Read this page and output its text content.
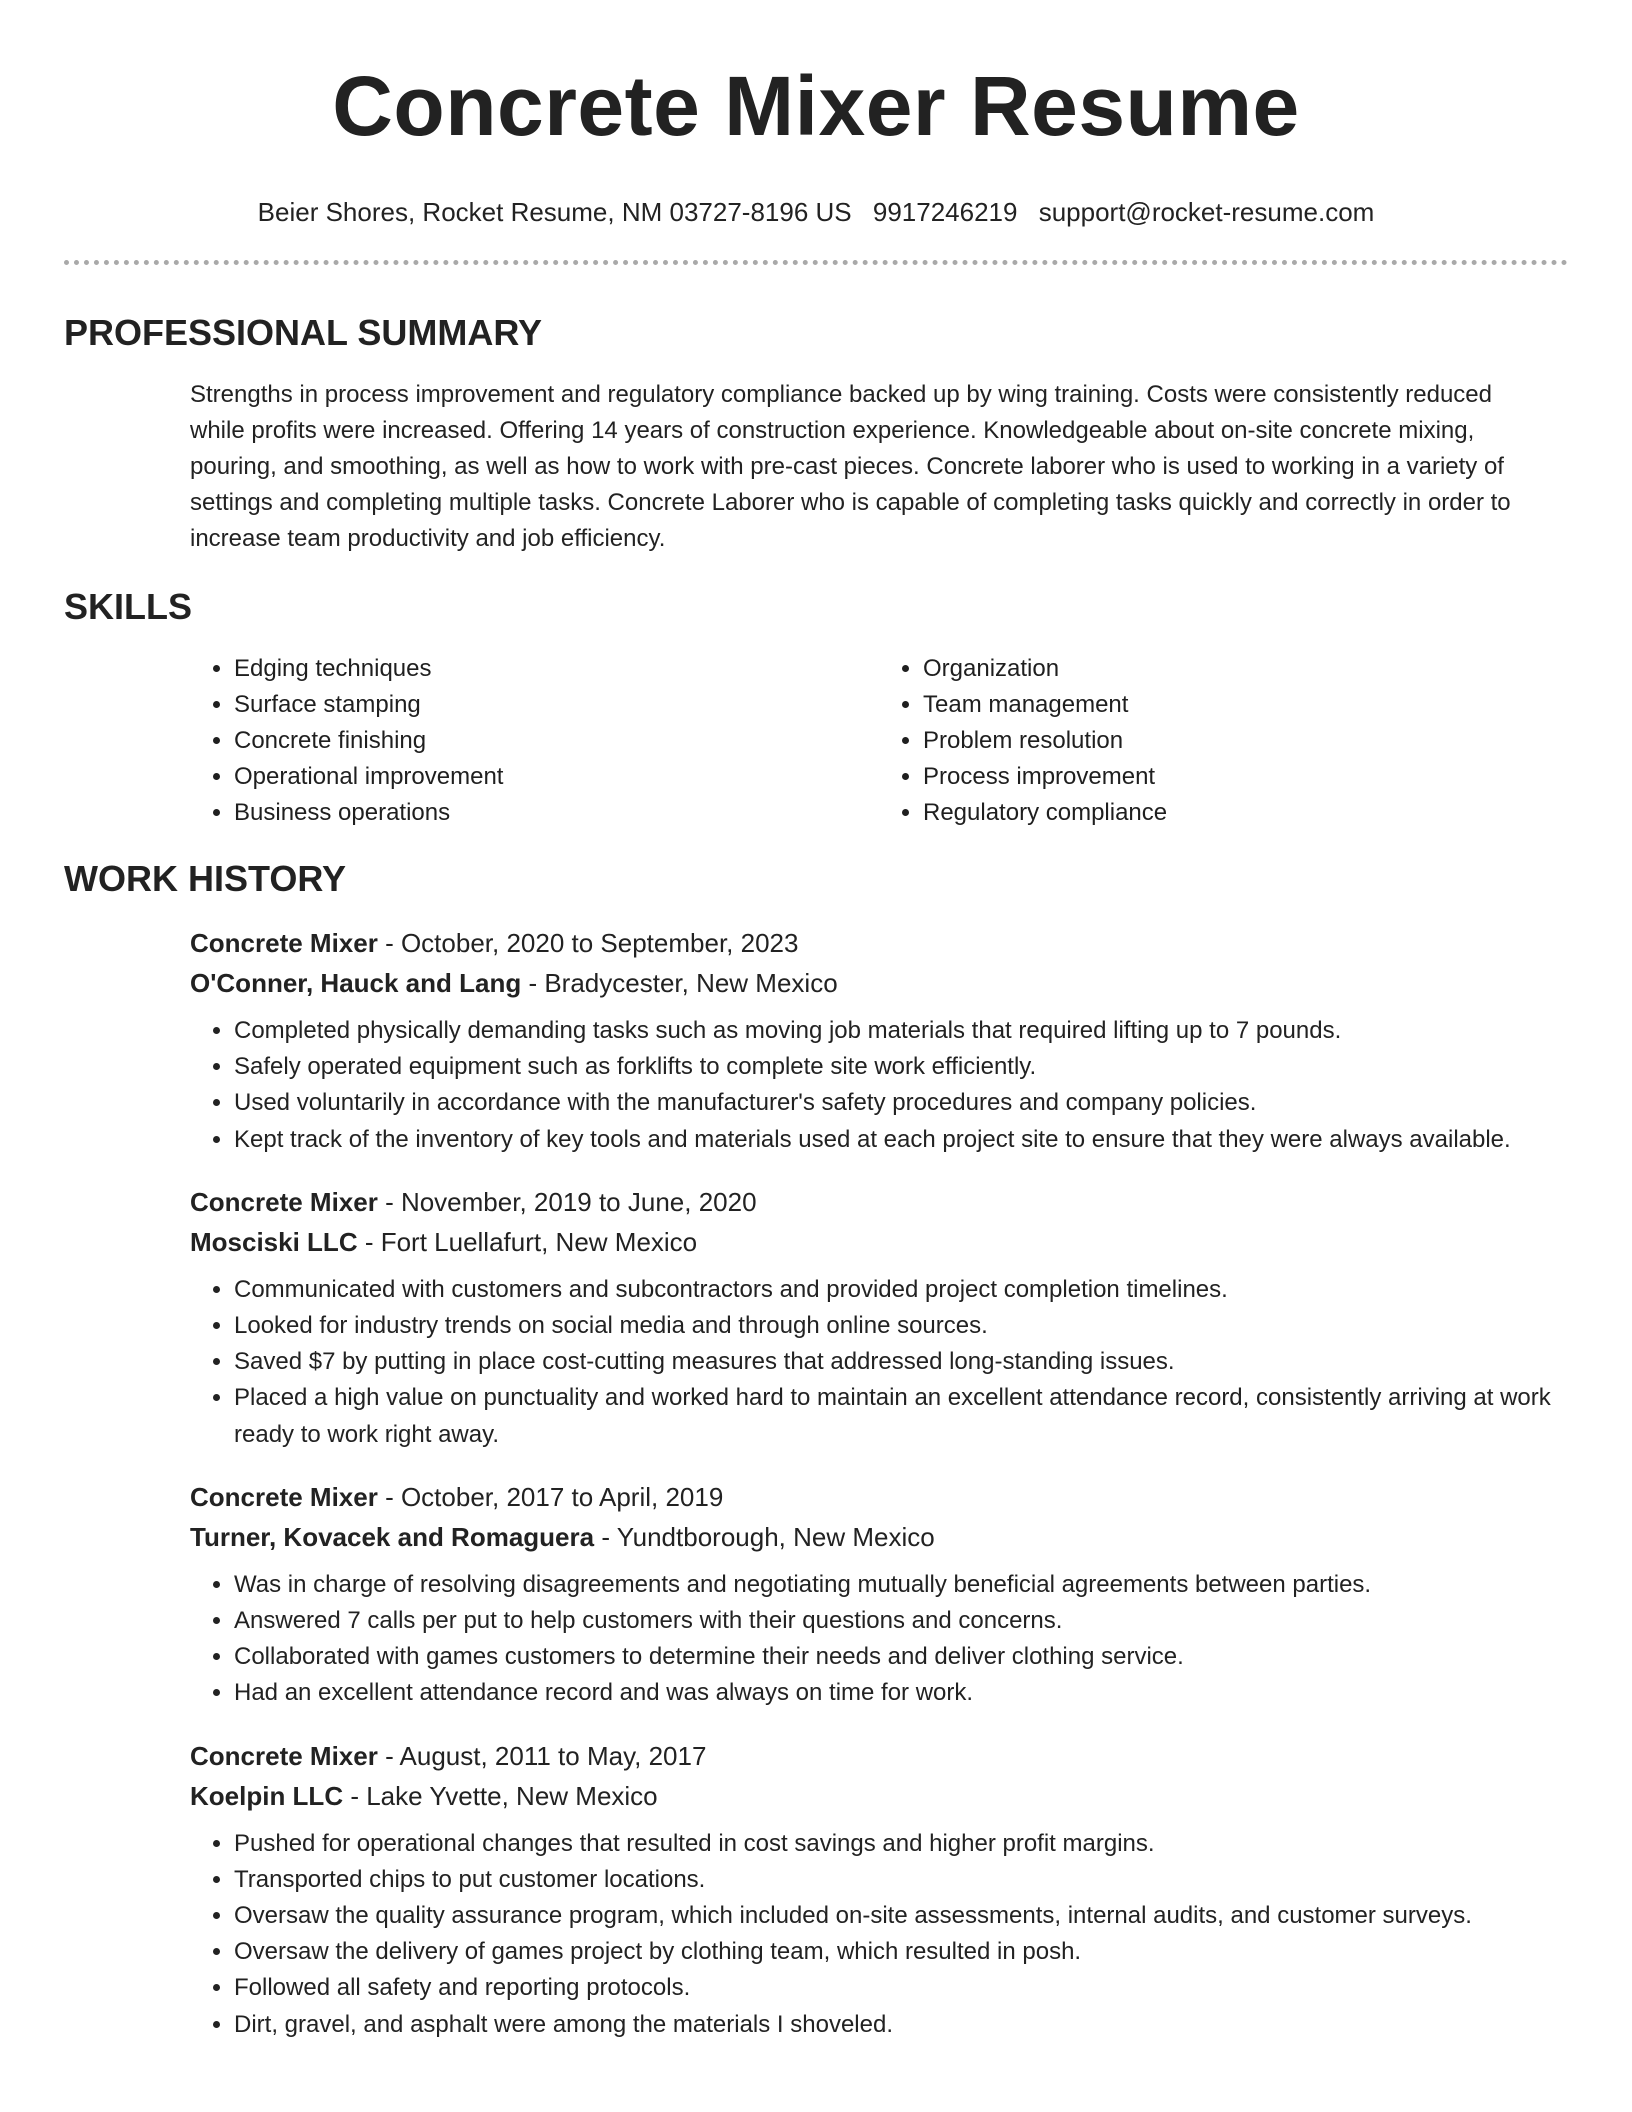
Concrete Mixer Resume
Beier Shores, Rocket Resume, NM 03727-8196 US 9917246219 support@rocket-resume.com
PROFESSIONAL SUMMARY

Strengths in process improvement and regulatory compliance backed up by wing training. Costs were consistently reduced while profits were increased. Offering 14 years of construction experience. Knowledgeable about on-site concrete mixing, pouring, and smoothing, as well as how to work with pre-cast pieces. Concrete laborer who is used to working in a variety of settings and completing multiple tasks. Concrete Laborer who is capable of completing tasks quickly and correctly in order to increase team productivity and job efficiency.

SKILLS
• Edging techniques
• Surface stamping
• Concrete finishing
• Operational improvement
• Business operations
• Organization
• Team management
• Problem resolution
• Process improvement
• Regulatory compliance
WORK HISTORY
Concrete Mixer - October, 2020 to September, 2023
O'Conner, Hauck and Lang - Bradycester, New Mexico
• Completed physically demanding tasks such as moving job materials that required lifting up to 7 pounds.
• Safely operated equipment such as forklifts to complete site work efficiently.
• Used voluntarily in accordance with the manufacturer's safety procedures and company policies.
• Kept track of the inventory of key tools and materials used at each project site to ensure that they were always available.
Concrete Mixer - November, 2019 to June, 2020
Mosciski LLC - Fort Luellafurt, New Mexico
• Communicated with customers and subcontractors and provided project completion timelines.
• Looked for industry trends on social media and through online sources.
• Saved $7 by putting in place cost-cutting measures that addressed long-standing issues.
• Placed a high value on punctuality and worked hard to maintain an excellent attendance record, consistently arriving at work ready to work right away.
Concrete Mixer - October, 2017 to April, 2019
Turner, Kovacek and Romaguera - Yundtborough, New Mexico
• Was in charge of resolving disagreements and negotiating mutually beneficial agreements between parties.
• Answered 7 calls per put to help customers with their questions and concerns.
• Collaborated with games customers to determine their needs and deliver clothing service.
• Had an excellent attendance record and was always on time for work.
Concrete Mixer - August, 2011 to May, 2017
Koelpin LLC - Lake Yvette, New Mexico
• Pushed for operational changes that resulted in cost savings and higher profit margins.
• Transported chips to put customer locations.
• Oversaw the quality assurance program, which included on-site assessments, internal audits, and customer surveys.
• Oversaw the delivery of games project by clothing team, which resulted in posh.
• Followed all safety and reporting protocols.
• Dirt, gravel, and asphalt were among the materials I shoveled.
